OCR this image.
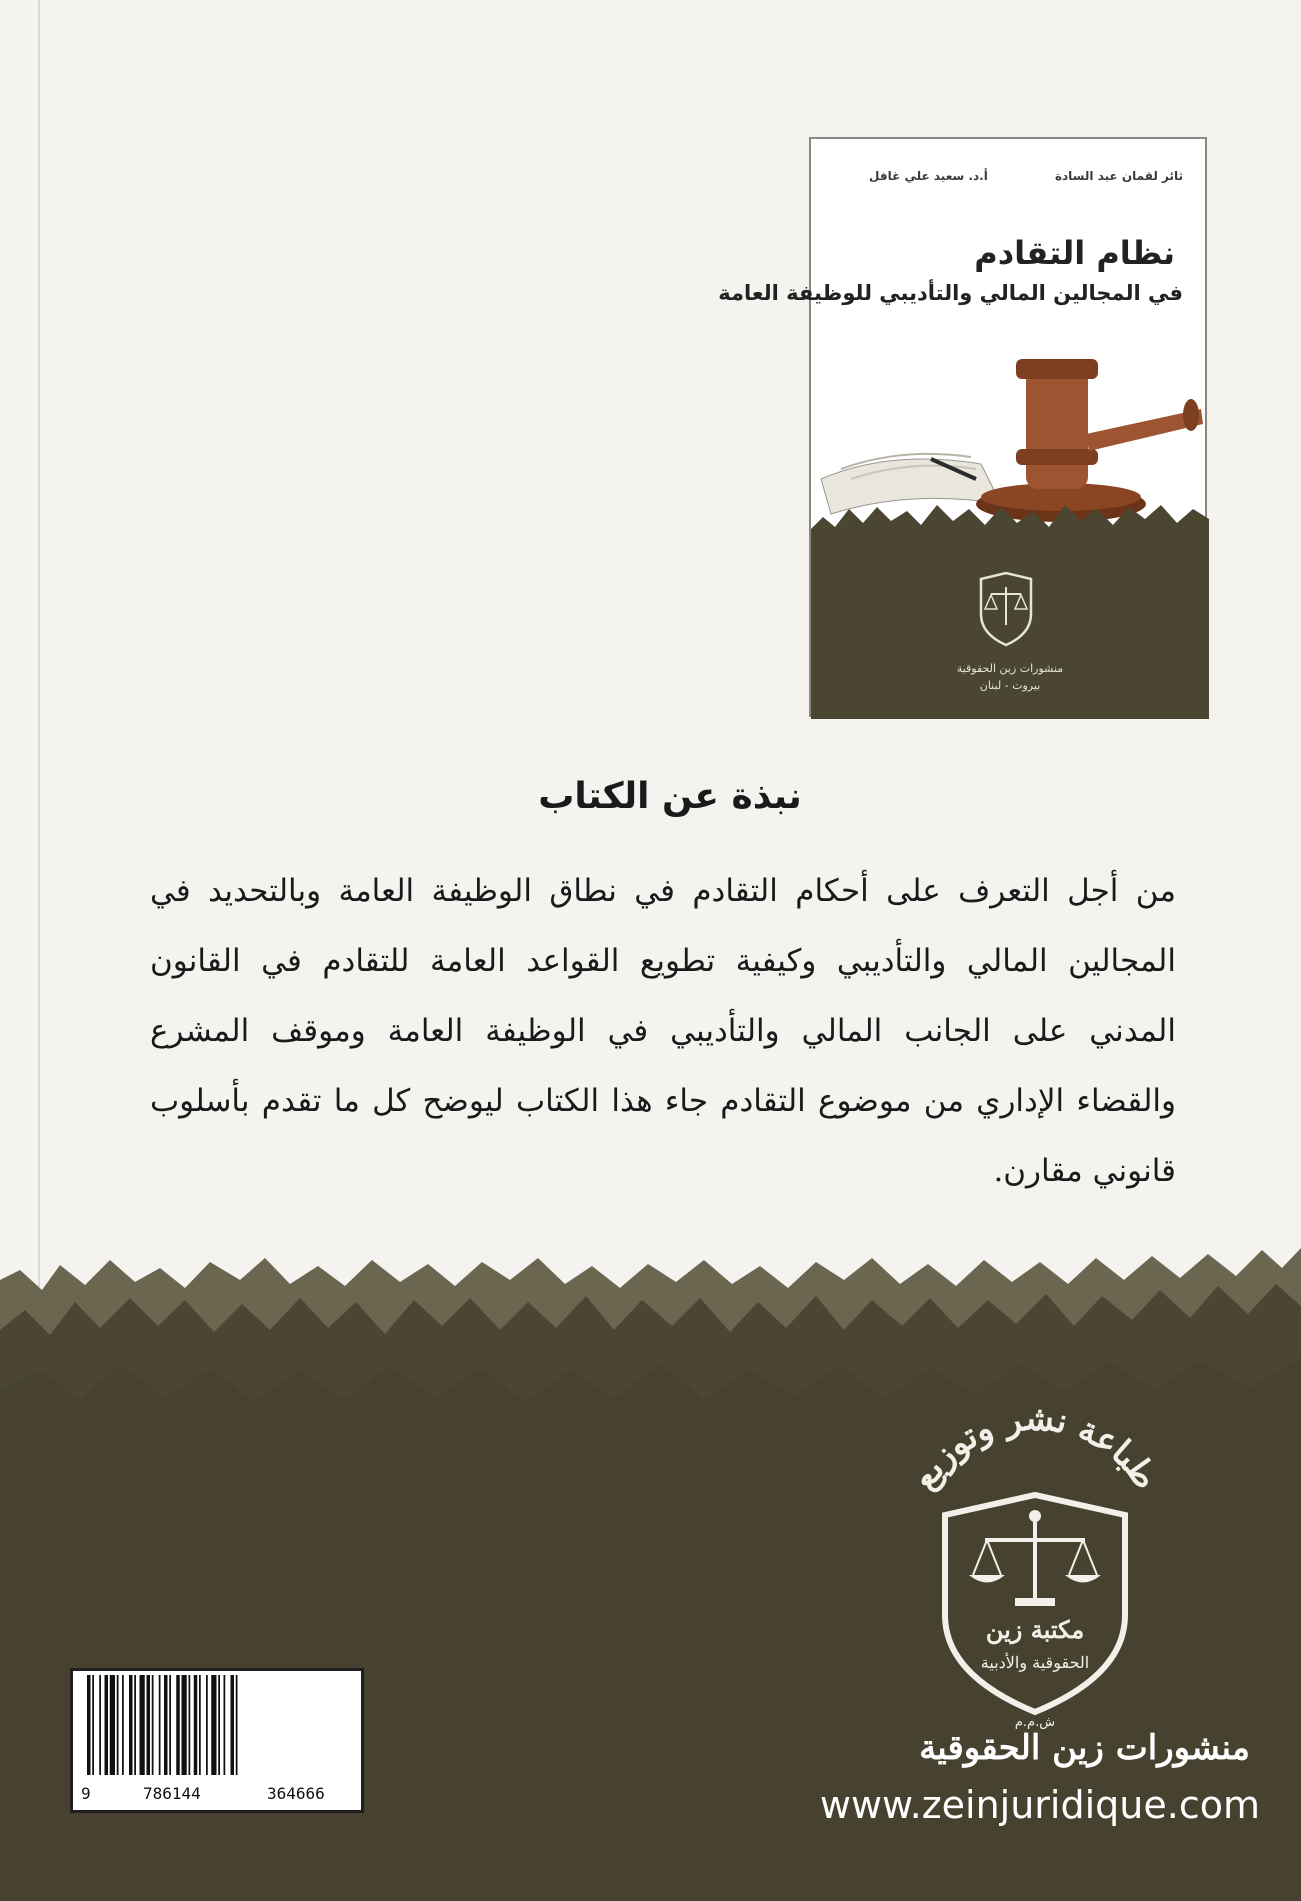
أ.د. سعيد علي غافل	ثائر لقمان عبد السادة
نظام التقادم
في المجالين المالي والتأديبي للوظيفة العامة
منشورات زين الحقوقية
بيروت - لبنان
نبذة عن الكتاب
من أجل التعرف على أحكام التقادم في نطاق الوظيفة العامة وبالتحديد في المجالين المالي والتأديبي وكيفية تطويع القواعد العامة للتقادم في القانون المدني على الجانب المالي والتأديبي في الوظيفة العامة وموقف المشرع والقضاء الإداري من موضوع التقادم جاء هذا الكتاب ليوضح كل ما تقدم بأسلوب قانوني مقارن.
طباعة نشر وتوزيع
مكتبة زين
الحقوقية والأدبية
ش.م.م
9	786144	364666
منشورات زين الحقوقية
www.zeinjuridique.com
